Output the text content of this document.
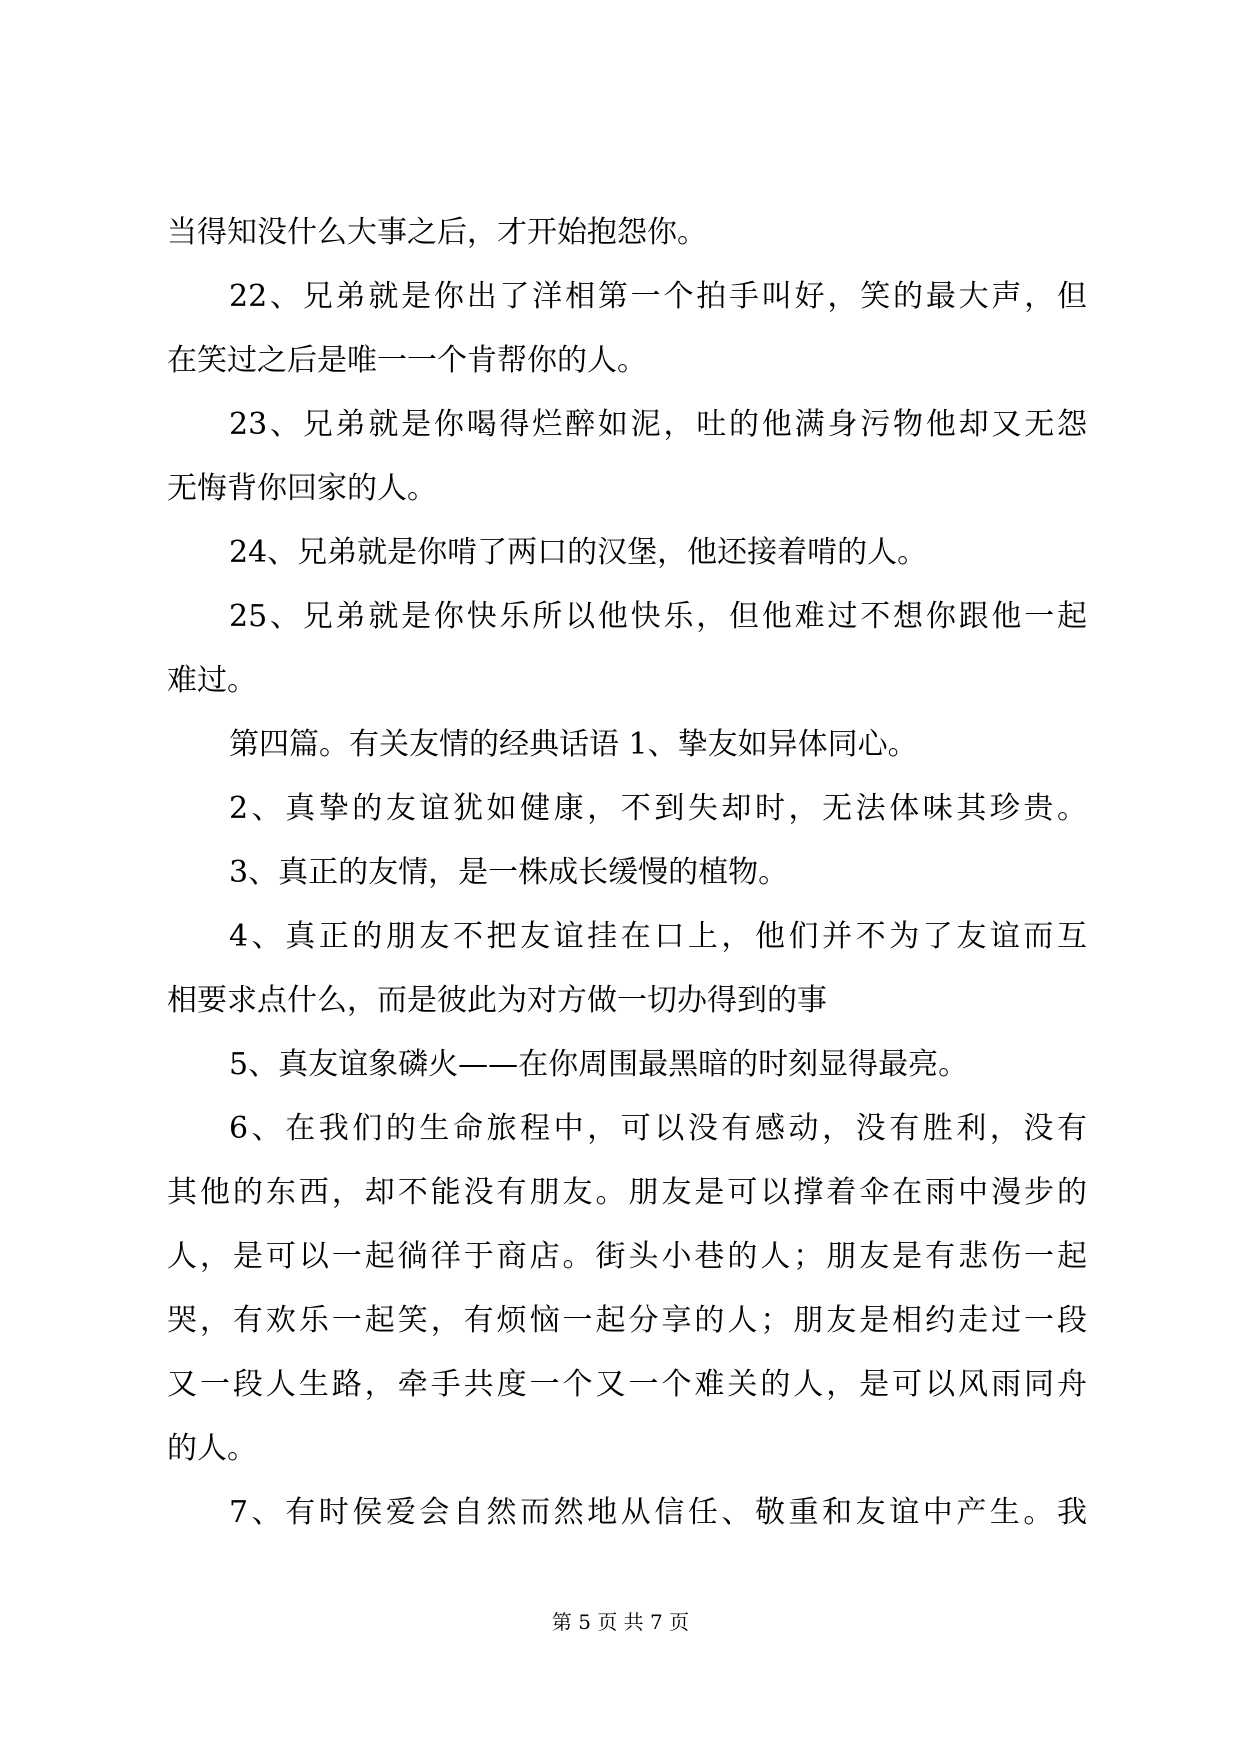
当得知没什么大事之后，才开始抱怨你。
22、兄弟就是你出了洋相第一个拍手叫好，笑的最大声，但
在笑过之后是唯一一个肯帮你的人。
23、兄弟就是你喝得烂醉如泥，吐的他满身污物他却又无怨
无悔背你回家的人。
24、兄弟就是你啃了两口的汉堡，他还接着啃的人。
25、兄弟就是你快乐所以他快乐，但他难过不想你跟他一起
难过。
第四篇。有关友情的经典话语 1、挚友如异体同心。
2、真挚的友谊犹如健康，不到失却时，无法体味其珍贵。
3、真正的友情，是一株成长缓慢的植物。
4、真正的朋友不把友谊挂在口上，他们并不为了友谊而互
相要求点什么，而是彼此为对方做一切办得到的事
5、真友谊象磷火——在你周围最黑暗的时刻显得最亮。
6、在我们的生命旅程中，可以没有感动，没有胜利，没有
其他的东西，却不能没有朋友。朋友是可以撑着伞在雨中漫步的
人，是可以一起徜徉于商店。街头小巷的人；朋友是有悲伤一起
哭，有欢乐一起笑，有烦恼一起分享的人；朋友是相约走过一段
又一段人生路，牵手共度一个又一个难关的人，是可以风雨同舟
的人。
7、有时侯爱会自然而然地从信任、敬重和友谊中产生。我
第 5 页 共 7 页
